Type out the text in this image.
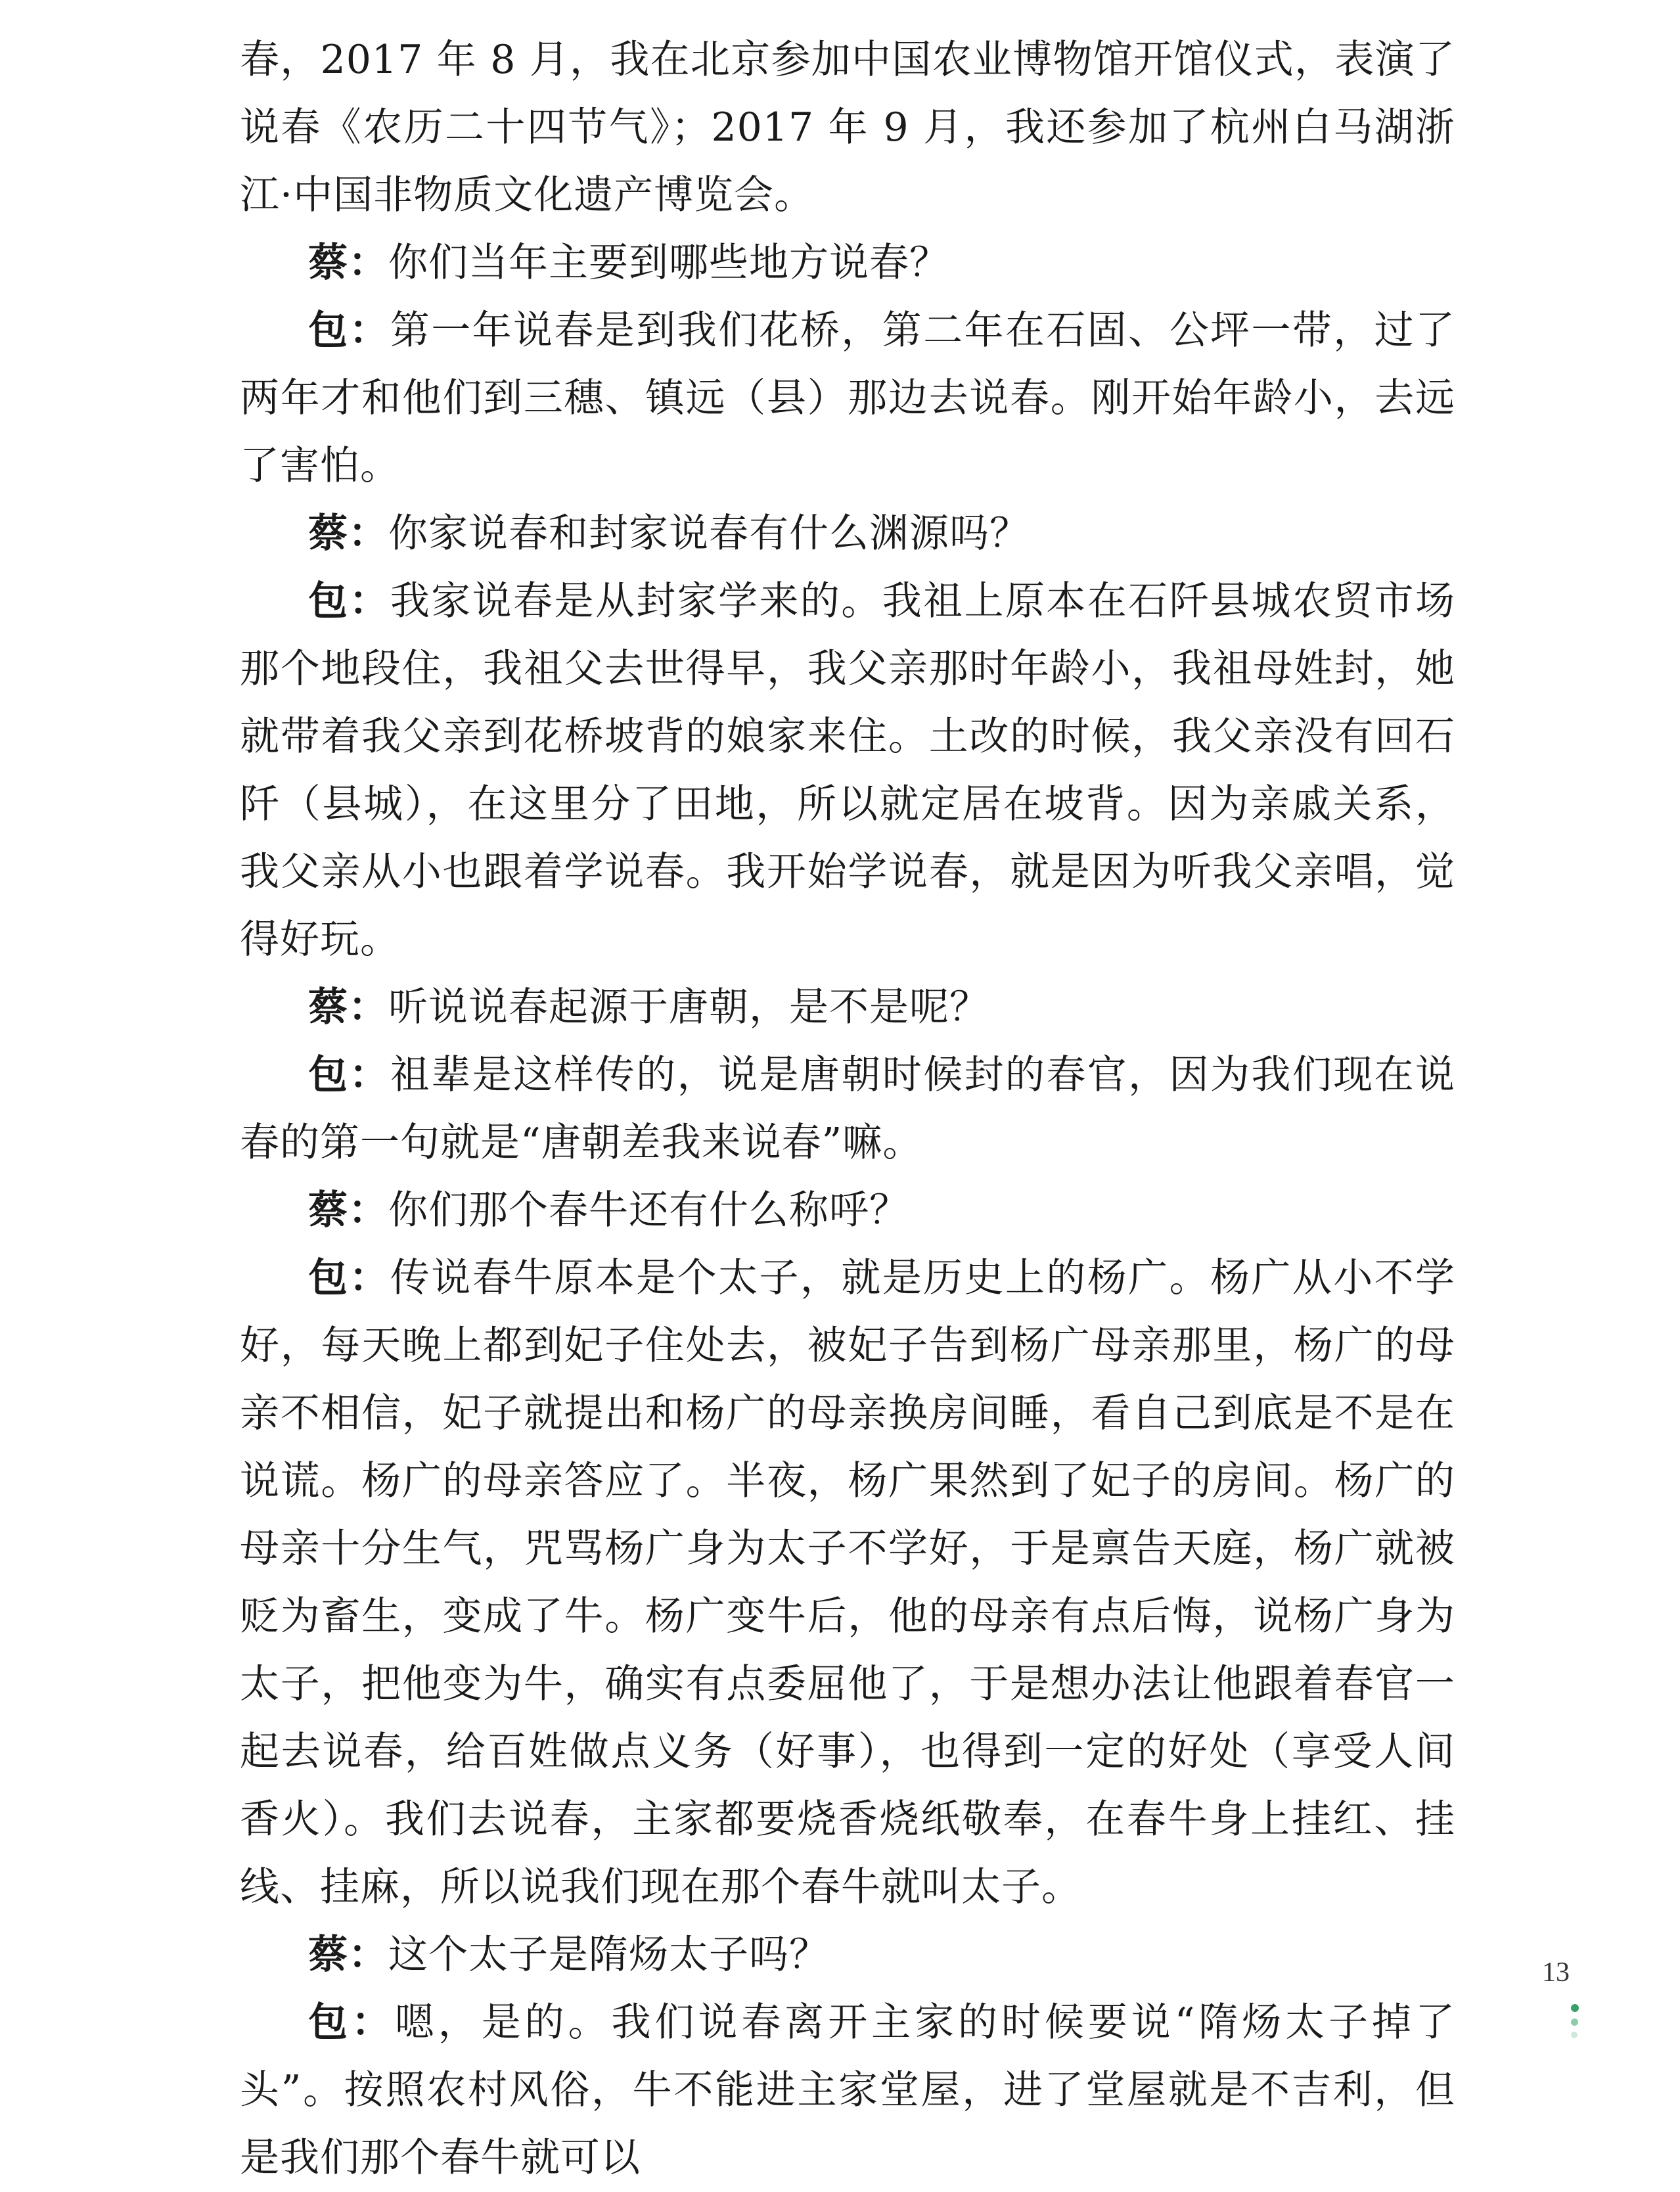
春，2017 年 8 月，我在北京参加中国农业博物馆开馆仪式，表演了说春《农历二十四节气》；2017 年 9 月，我还参加了杭州白马湖浙江·中国非物质文化遗产博览会。

蔡：你们当年主要到哪些地方说春？

包：第一年说春是到我们花桥，第二年在石固、公坪一带，过了两年才和他们到三穗、镇远（县）那边去说春。刚开始年龄小，去远了害怕。

蔡：你家说春和封家说春有什么渊源吗？

包：我家说春是从封家学来的。我祖上原本在石阡县城农贸市场那个地段住，我祖父去世得早，我父亲那时年龄小，我祖母姓封，她就带着我父亲到花桥坡背的娘家来住。土改的时候，我父亲没有回石阡（县城），在这里分了田地，所以就定居在坡背。因为亲戚关系，我父亲从小也跟着学说春。我开始学说春，就是因为听我父亲唱，觉得好玩。

蔡：听说说春起源于唐朝，是不是呢？

包：祖辈是这样传的，说是唐朝时候封的春官，因为我们现在说春的第一句就是“唐朝差我来说春”嘛。

蔡：你们那个春牛还有什么称呼？

包：传说春牛原本是个太子，就是历史上的杨广。杨广从小不学好，每天晚上都到妃子住处去，被妃子告到杨广母亲那里，杨广的母亲不相信，妃子就提出和杨广的母亲换房间睡，看自己到底是不是在说谎。杨广的母亲答应了。半夜，杨广果然到了妃子的房间。杨广的母亲十分生气，咒骂杨广身为太子不学好，于是禀告天庭，杨广就被贬为畜生，变成了牛。杨广变牛后，他的母亲有点后悔，说杨广身为太子，把他变为牛，确实有点委屈他了，于是想办法让他跟着春官一起去说春，给百姓做点义务（好事），也得到一定的好处（享受人间香火）。我们去说春，主家都要烧香烧纸敬奉，在春牛身上挂红、挂线、挂麻，所以说我们现在那个春牛就叫太子。

蔡：这个太子是隋炀太子吗？

包：嗯，是的。我们说春离开主家的时候要说“隋炀太子掉了头”。按照农村风俗，牛不能进主家堂屋，进了堂屋就是不吉利，但是我们那个春牛就可以

13
